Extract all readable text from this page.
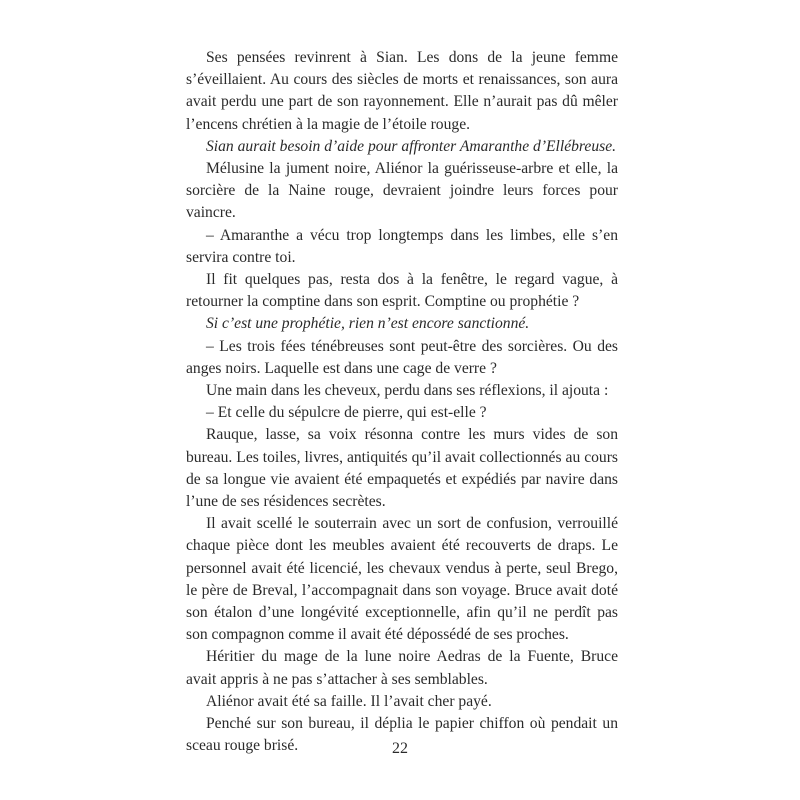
Ses pensées revinrent à Sian. Les dons de la jeune femme s’éveillaient. Au cours des siècles de morts et renaissances, son aura avait perdu une part de son rayonnement. Elle n’aurait pas dû mêler l’encens chrétien à la magie de l’étoile rouge.

Sian aurait besoin d’aide pour affronter Amaranthe d’Ellébreuse.

Mélusine la jument noire, Aliénor la guérisseuse-arbre et elle, la sorcière de la Naine rouge, devraient joindre leurs forces pour vaincre.

– Amaranthe a vécu trop longtemps dans les limbes, elle s’en servira contre toi.

Il fit quelques pas, resta dos à la fenêtre, le regard vague, à retourner la comptine dans son esprit. Comptine ou prophétie ?

Si c’est une prophétie, rien n’est encore sanctionné.

– Les trois fées ténébreuses sont peut-être des sorcières. Ou des anges noirs. Laquelle est dans une cage de verre ?

Une main dans les cheveux, perdu dans ses réflexions, il ajouta :

– Et celle du sépulcre de pierre, qui est-elle ?

Rauque, lasse, sa voix résonna contre les murs vides de son bureau. Les toiles, livres, antiquités qu’il avait collectionnés au cours de sa longue vie avaient été empaquetés et expédiés par navire dans l’une de ses résidences secrètes.

Il avait scellé le souterrain avec un sort de confusion, verrouillé chaque pièce dont les meubles avaient été recouverts de draps. Le personnel avait été licencié, les chevaux vendus à perte, seul Brego, le père de Breval, l’accompagnait dans son voyage. Bruce avait doté son étalon d’une longévité exceptionnelle, afin qu’il ne perdît pas son compagnon comme il avait été dépossédé de ses proches.

Héritier du mage de la lune noire Aedras de la Fuente, Bruce avait appris à ne pas s’attacher à ses semblables.

Aliénor avait été sa faille. Il l’avait cher payé.

Penché sur son bureau, il déplia le papier chiffon où pendait un sceau rouge brisé.	22
